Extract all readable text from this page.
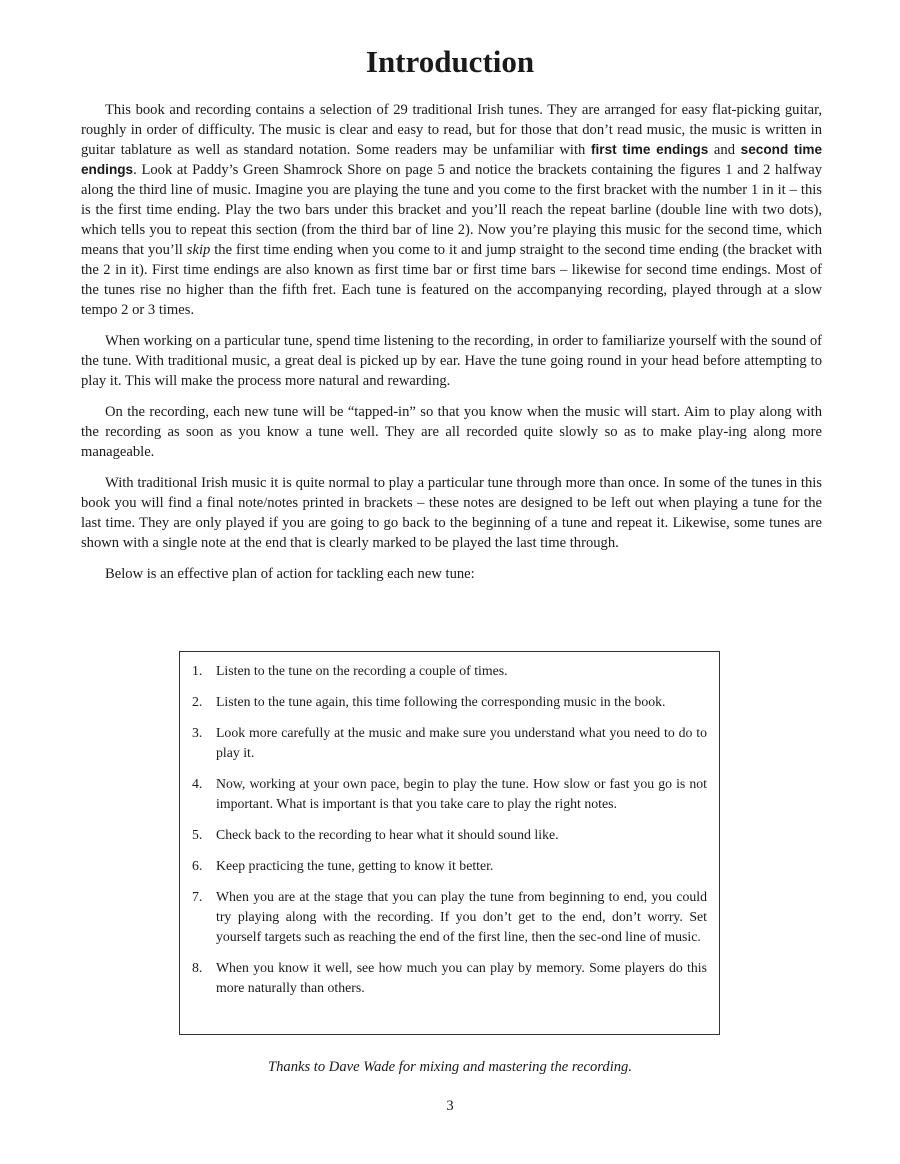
Introduction

This book and recording contains a selection of 29 traditional Irish tunes. They are arranged for easy flat-picking guitar, roughly in order of difficulty. The music is clear and easy to read, but for those that don’t read music, the music is written in guitar tablature as well as standard notation. Some readers may be unfamiliar with first time endings and second time endings. Look at Paddy’s Green Shamrock Shore on page 5 and notice the brackets containing the figures 1 and 2 halfway along the third line of music. Imagine you are playing the tune and you come to the first bracket with the number 1 in it – this is the first time ending. Play the two bars under this bracket and you’ll reach the repeat barline (double line with two dots), which tells you to repeat this section (from the third bar of line 2). Now you’re playing this music for the second time, which means that you’ll skip the first time ending when you come to it and jump straight to the second time ending (the bracket with the 2 in it). First time endings are also known as first time bar or first time bars – likewise for second time endings. Most of the tunes rise no higher than the fifth fret. Each tune is featured on the accompanying recording, played through at a slow tempo 2 or 3 times.

When working on a particular tune, spend time listening to the recording, in order to familiarize yourself with the sound of the tune. With traditional music, a great deal is picked up by ear. Have the tune going round in your head before attempting to play it. This will make the process more natural and rewarding.

On the recording, each new tune will be “tapped-in” so that you know when the music will start. Aim to play along with the recording as soon as you know a tune well. They are all recorded quite slowly so as to make play-ing along more manageable.

With traditional Irish music it is quite normal to play a particular tune through more than once. In some of the tunes in this book you will find a final note/notes printed in brackets – these notes are designed to be left out when playing a tune for the last time. They are only played if you are going to go back to the beginning of a tune and repeat it. Likewise, some tunes are shown with a single note at the end that is clearly marked to be played the last time through.

Below is an effective plan of action for tackling each new tune:

1. Listen to the tune on the recording a couple of times.
2. Listen to the tune again, this time following the corresponding music in the book.
3. Look more carefully at the music and make sure you understand what you need to do to play it.
4. Now, working at your own pace, begin to play the tune. How slow or fast you go is not important. What is important is that you take care to play the right notes.
5. Check back to the recording to hear what it should sound like.
6. Keep practicing the tune, getting to know it better.
7. When you are at the stage that you can play the tune from beginning to end, you could try playing along with the recording. If you don’t get to the end, don’t worry. Set yourself targets such as reaching the end of the first line, then the sec-ond line of music.
8. When you know it well, see how much you can play by memory. Some players do this more naturally than others.
Thanks to Dave Wade for mixing and mastering the recording.
3
